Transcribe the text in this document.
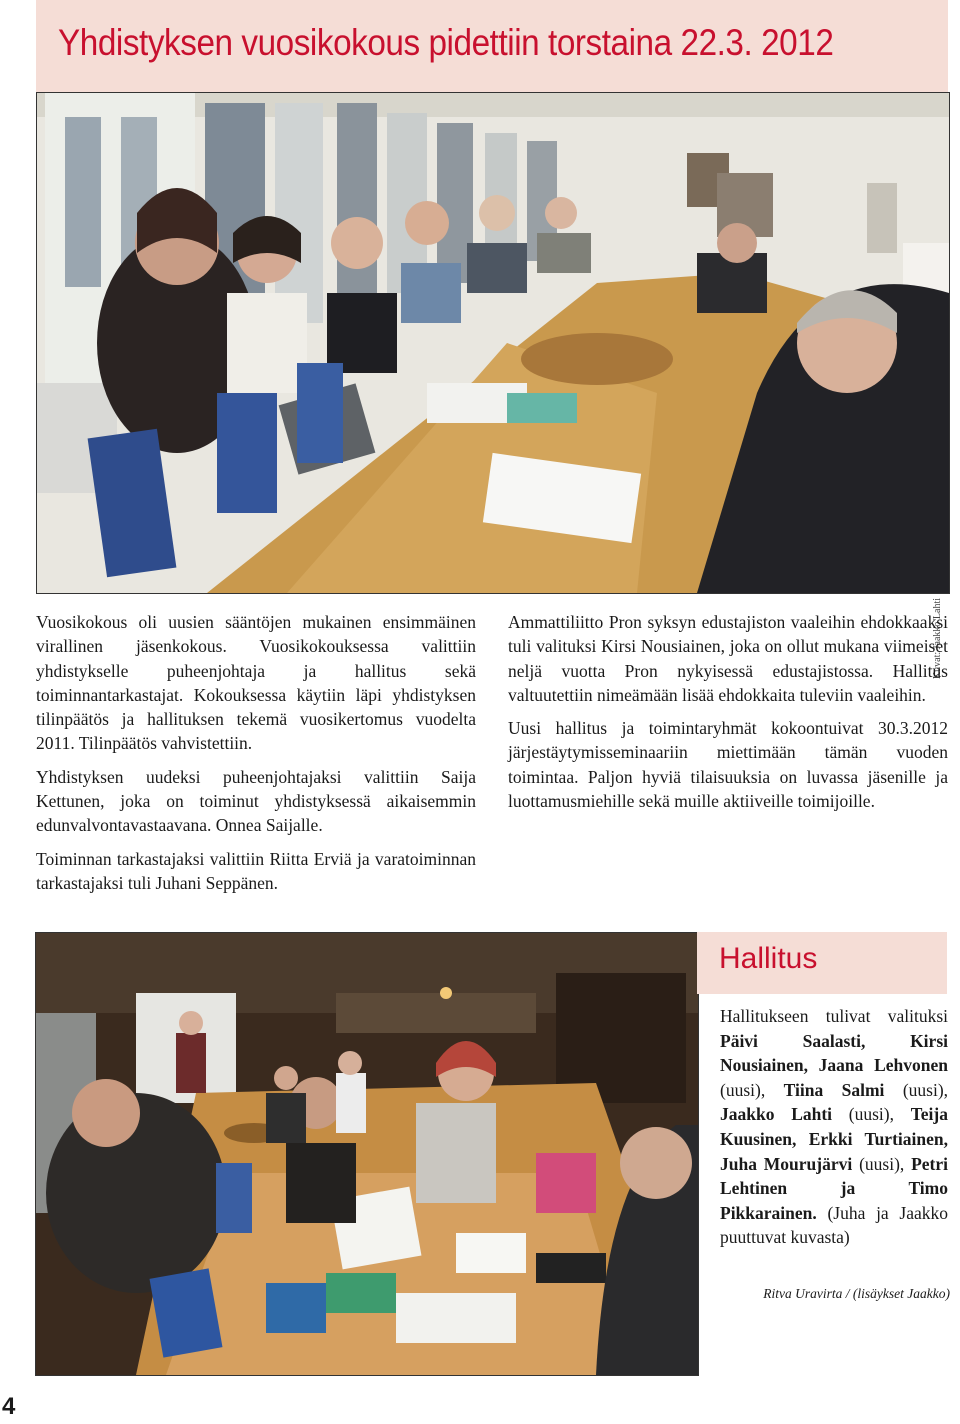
Yhdistyksen vuosikokous pidettiin torstaina 22.3. 2012
Kuvat: Jaakko Lahti

Vuosikokous oli uusien sääntöjen mukainen ensimmäinen virallinen jäsenkokous. Vuosikokouksessa valittiin yhdistykselle puheenjohtaja ja hallitus sekä toiminnantarkastajat. Kokouksessa käytiin läpi yhdistyksen tilinpäätös ja hallituksen tekemä vuosikertomus vuodelta 2011. Tilinpäätös vahvistettiin.

Yhdistyksen uudeksi puheenjohtajaksi valittiin Saija Kettunen, joka on toiminut yhdistyksessä aikaisemmin edunvalvontavastaavana. Onnea Saijalle.

Toiminnan tarkastajaksi valittiin Riitta Erviä ja varatoiminnan tarkastajaksi tuli Juhani Seppänen.

Ammattiliitto Pron syksyn edustajiston vaaleihin ehdokkaaksi tuli valituksi Kirsi Nousiainen, joka on ollut mukana viimeiset neljä vuotta Pron nykyisessä edustajistossa. Hallitus valtuutettiin nimeämään lisää ehdokkaita tuleviin vaaleihin.

Uusi hallitus ja toimintaryhmät kokoontuivat 30.3.2012 järjestäytymisseminaariin miettimään tämän vuoden toimintaa. Paljon hyviä tilaisuuksia on luvassa jäsenille ja luottamusmiehille sekä muille aktiiveille toimijoille.

Hallitus
Hallitukseen tulivat valituksi Päivi Saalasti, Kirsi Nousiainen, Jaana Lehvonen (uusi), Tiina Salmi (uusi), Jaakko Lahti (uusi), Teija Kuusinen, Erkki Turtiainen, Juha Mourujärvi (uusi), Petri Lehtinen ja Timo Pikkarainen. (Juha ja Jaakko puuttuvat kuvasta)
Ritva Uravirta / (lisäykset Jaakko)
4
